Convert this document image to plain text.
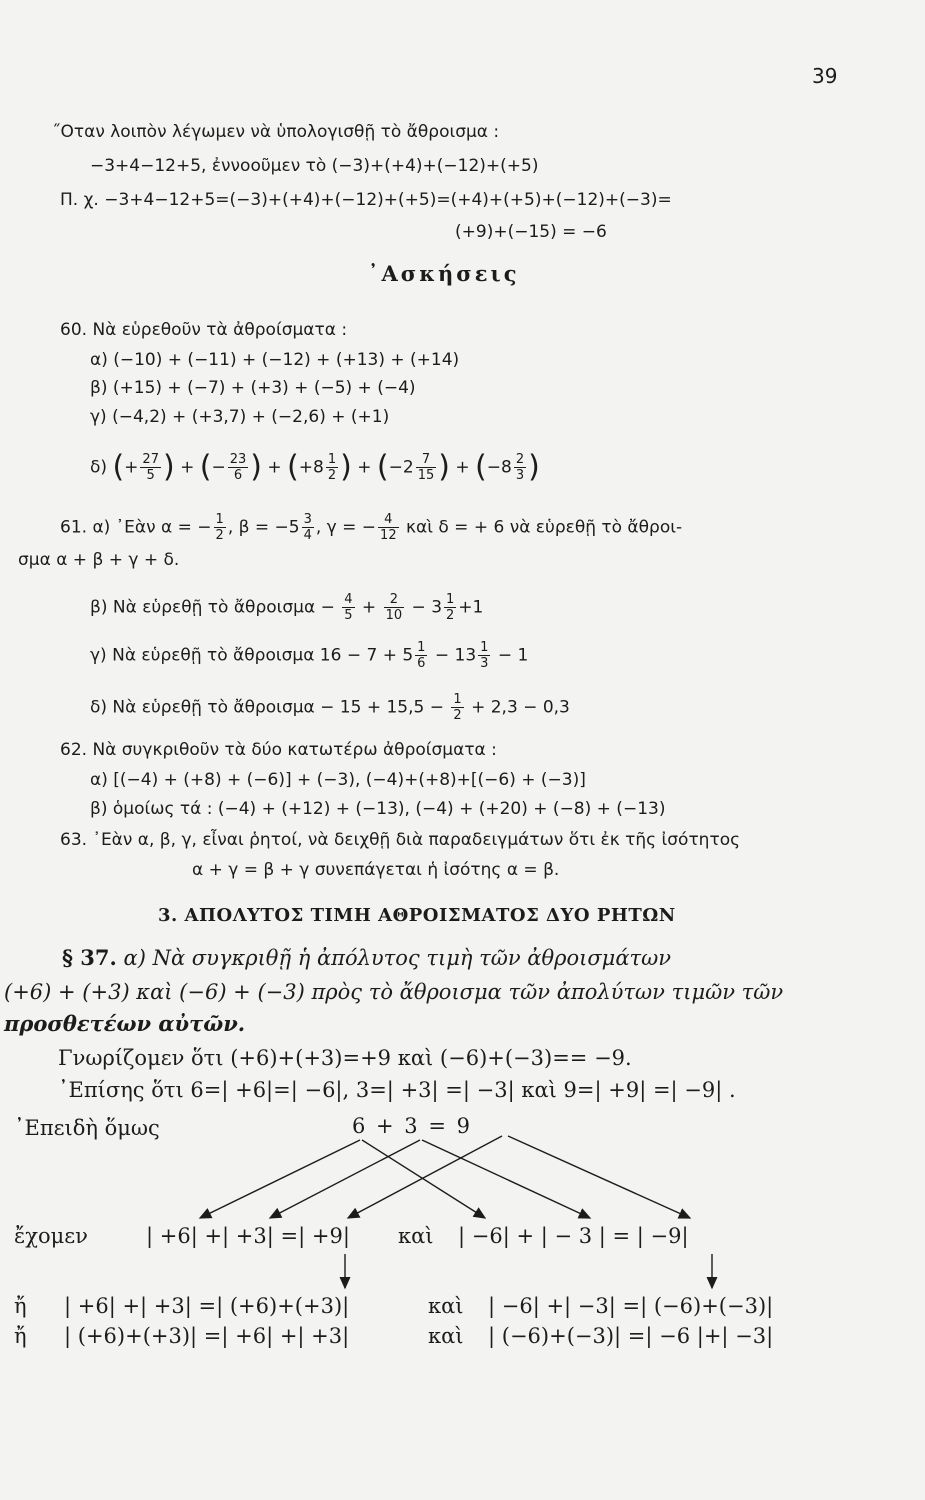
39
˝Οταν λοιπὸν λέγωμεν νὰ ὑπολογισθῇ τὸ ἄθροισμα :
−3+4−12+5, ἐννοοῦμεν τὸ (−3)+(+4)+(−12)+(+5)
Π. χ. −3+4−12+5=(−3)+(+4)+(−12)+(+5)=(+4)+(+5)+(−12)+(−3)=
(+9)+(−15) = −6
᾿Ασκήσεις
60. Νὰ εὑρεθοῦν τὰ ἀθροίσματα :
α) (−10) + (−11) + (−12) + (+13) + (+14)
β) (+15) + (−7) + (+3) + (−5) + (−4)
γ) (−4,2) + (+3,7) + (−2,6) + (+1)
δ) (+ $\frac{27}{5}$ ) + (− $\frac{23}{6}$ ) + ($+8 \frac{1}{2}$ ) + ($-2 \frac{7}{15}$ ) + ($-8 \frac{2}{3}$ )
61. α) ᾿Εὰν α = − $\frac{1}{2}$ , $\beta = -5 \frac{3}{4}$ , γ = − $\frac{4}{12}$ καὶ δ = + 6 νὰ εὑρεθῇ τὸ ἄθροι-
σμα α + β + γ + δ.
β) Νὰ εὑρεθῇ τὸ ἄθροισμα − $\frac{4}{5} + \frac{2}{10} - 3 \frac{1}{2} +1$
γ) Νὰ εὑρεθῇ τὸ ἄθροισμα $16 - 7 + 5 \frac{1}{6} - 13 \frac{1}{3} - 1$
δ) Νὰ εὑρεθῇ τὸ ἄθροισμα − $15 + 15,5 - \frac{1}{2} + 2,3 - 0,3$
62. Νὰ συγκριθοῦν τὰ δύο κατωτέρω ἀθροίσματα :
α) [(−4) + (+8) + (−6)] + (−3), (−4)+(+8)+[(−6) + (−3)]
β) ὁμοίως τά : (−4) + (+12) + (−13), (−4) + (+20) + (−8) + (−13)
63. ᾿Εὰν α, β, γ, εἶναι ῥητοί, νὰ δειχθῇ διὰ παραδειγμάτων ὅτι ἐκ τῆς ἰσότητος
α + γ = β + γ συνεπάγεται ἡ ἰσότης α = β.
3. ΑΠΟΛΥΤΟΣ ΤΙΜΗ ΑΘΡΟΙΣΜΑΤΟΣ ΔΥΟ ΡΗΤΩΝ
§ 37. α) Νὰ συγκριθῇ ἡ ἀπόλυτος τιμὴ τῶν ἀθροισμάτων
(+6) + (+3) καὶ (−6) + (−3) πρὸς τὸ ἄθροισμα τῶν ἀπολύτων τιμῶν τῶν
προσθετέων αὐτῶν.
Γνωρίζομεν ὅτι (+6)+(+3)=+9 καὶ (−6)+(−3)== −9.
᾿Επίσης ὅτι 6=| +6|=| −6|, 3=| +3| =| −3| καὶ 9=| +9| =| −9| .
᾿Επειδὴ ὅμως	6 + 3 = 9
ἔχομεν	| +6| +| +3| =| +9| καὶ | −6| + | − 3 | = | −9|
ἤ | +6| +| +3| =| (+6)+(+3)|	καὶ | −6| +| −3| =| (−6)+(−3)|
ἤ | (+6)+(+3)| =| +6| +| +3|	καὶ | (−6)+(−3)| =| −6 |+| −3|
